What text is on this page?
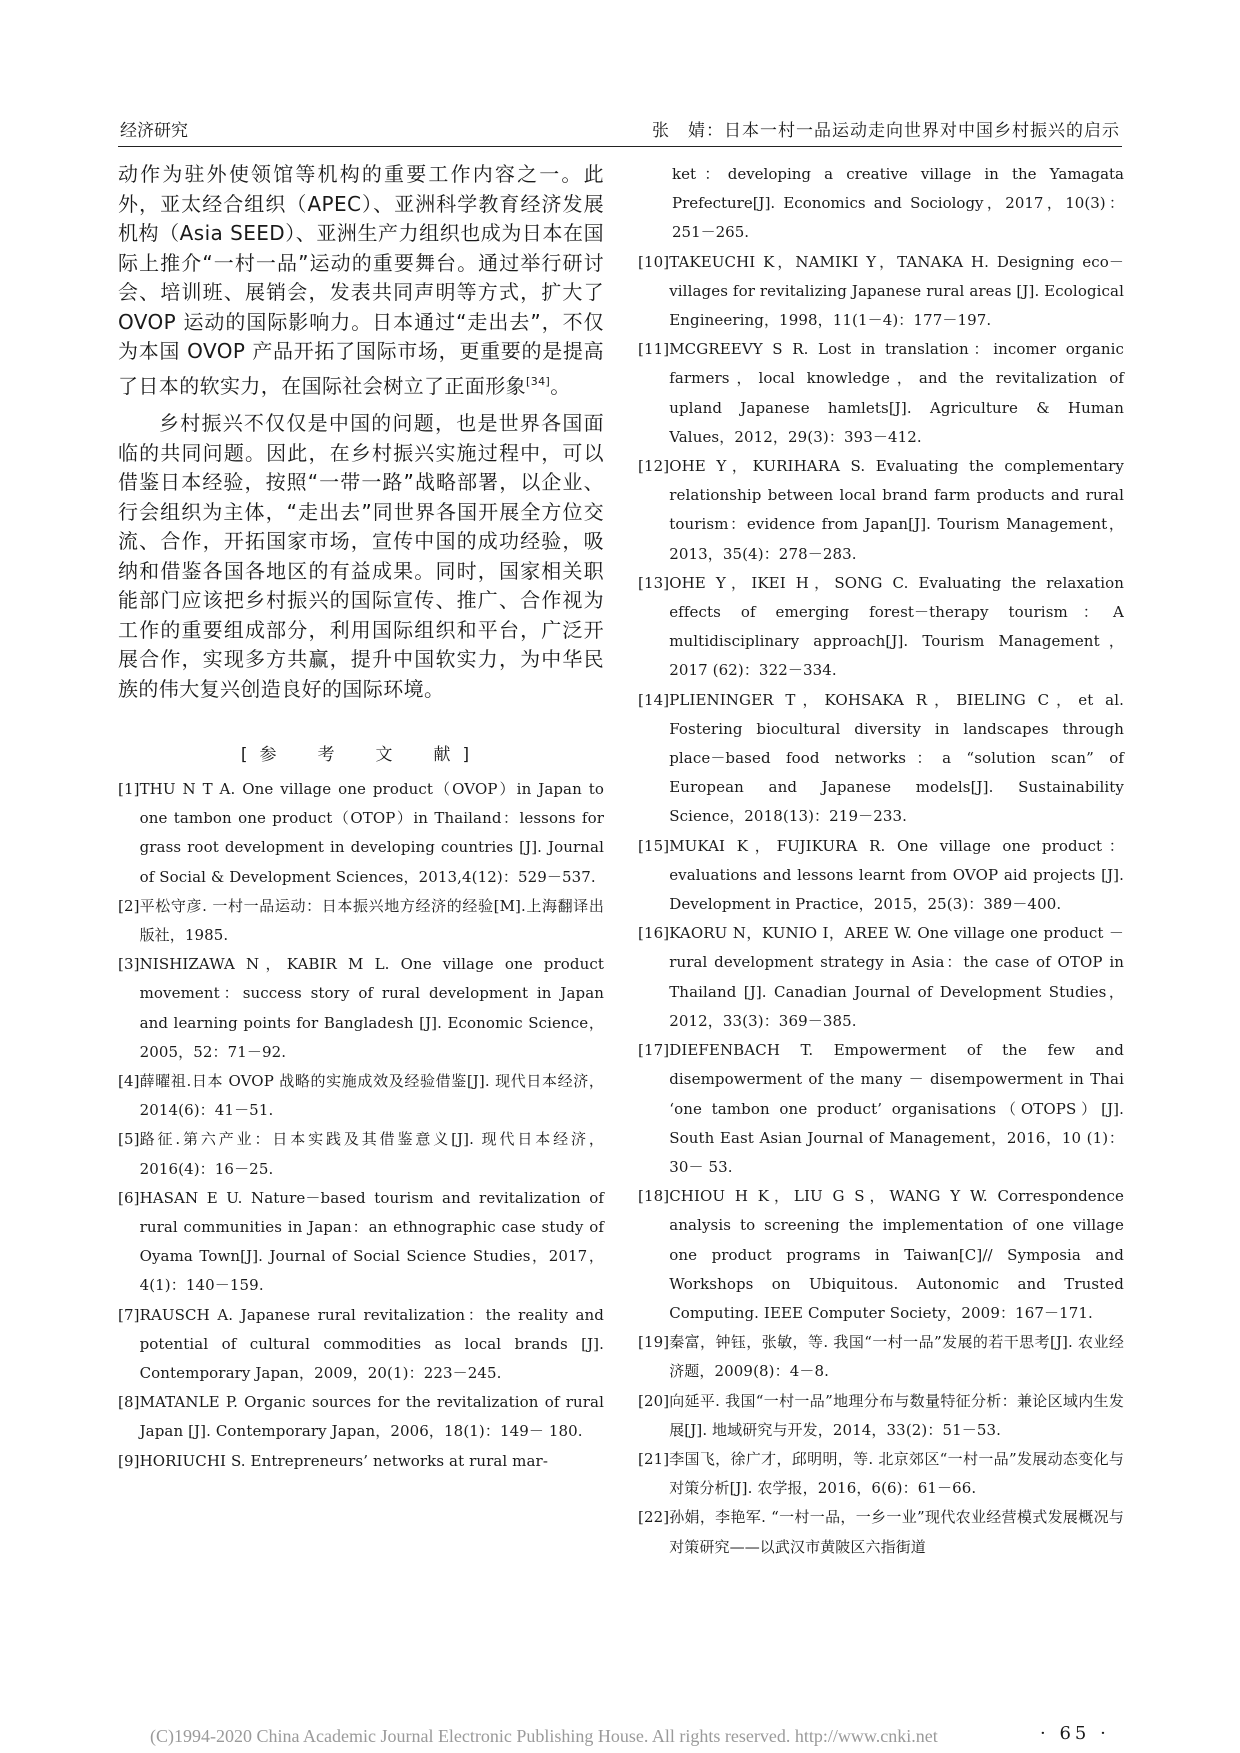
经济研究	张　婧：日本一村一品运动走向世界对中国乡村振兴的启示

动作为驻外使领馆等机构的重要工作内容之一。此外，亚太经合组织（APEC）、亚洲科学教育经济发展机构（Asia SEED）、亚洲生产力组织也成为日本在国际上推介“一村一品”运动的重要舞台。通过举行研讨会、培训班、展销会，发表共同声明等方式，扩大了 OVOP 运动的国际影响力。日本通过“走出去”，不仅为本国 OVOP 产品开拓了国际市场，更重要的是提高了日本的软实力，在国际社会树立了正面形象[34]。

乡村振兴不仅仅是中国的问题，也是世界各国面临的共同问题。因此，在乡村振兴实施过程中，可以借鉴日本经验，按照“一带一路”战略部署，以企业、行会组织为主体，“走出去”同世界各国开展全方位交流、合作，开拓国家市场，宣传中国的成功经验，吸纳和借鉴各国各地区的有益成果。同时，国家相关职能部门应该把乡村振兴的国际宣传、推广、合作视为工作的重要组成部分，利用国际组织和平台，广泛开展合作，实现多方共赢，提升中国软实力，为中华民族的伟大复兴创造良好的国际环境。

[参　考　文　献]
[1] THU N T A. One village one product（OVOP）in Japan to one tambon one product（OTOP）in Thailand：lessons for grass root development in developing countries [J]. Journal of Social & Development Sciences，2013,4(12)：529－537.
[2] 平松守彦. 一村一品运动：日本振兴地方经济的经验[M].上海翻译出版社，1985.
[3] NISHIZAWA N，KABIR M L. One village one product movement：success story of rural development in Japan and learning points for Bangladesh [J]. Economic Science，2005，52：71－92.
[4] 薛曜祖.日本 OVOP 战略的实施成效及经验借鉴[J]. 现代日本经济，2014(6)：41－51.
[5] 路征.第六产业：日本实践及其借鉴意义[J]. 现代日本经济，2016(4)：16－25.
[6] HASAN E U. Nature－based tourism and revitalization of rural communities in Japan：an ethnographic case study of Oyama Town[J]. Journal of Social Science Studies，2017，4(1)：140－159.
[7] RAUSCH A. Japanese rural revitalization：the reality and potential of cultural commodities as local brands [J]. Contemporary Japan，2009，20(1)：223－245.
[8] MATANLE P. Organic sources for the revitalization of rural Japan [J]. Contemporary Japan，2006，18(1)：149－ 180.
[9] HORIUCHI S. Entrepreneurs’ networks at rural mar-
ket：developing a creative village in the Yamagata Prefecture[J]. Economics and Sociology，2017，10(3)：251－265.
[10] TAKEUCHI K，NAMIKI Y，TANAKA H. Designing eco－ villages for revitalizing Japanese rural areas [J]. Ecological Engineering，1998，11(1－4)：177－197.
[11] MCGREEVY S R. Lost in translation：incomer organic farmers，local knowledge，and the revitalization of upland Japanese hamlets[J]. Agriculture & Human Values，2012，29(3)：393－412.
[12] OHE Y，KURIHARA S. Evaluating the complementary relationship between local brand farm products and rural tourism：evidence from Japan[J]. Tourism Management，2013，35(4)：278－283.
[13] OHE Y，IKEI H，SONG C. Evaluating the relaxation effects of emerging forest－therapy tourism：A multidisciplinary approach[J]. Tourism Management，2017 (62)：322－334.
[14] PLIENINGER T，KOHSAKA R，BIELING C，et al. Fostering biocultural diversity in landscapes through place－based food networks：a “solution scan” of European and Japanese models[J]. Sustainability Science，2018(13)：219－233.
[15] MUKAI K，FUJIKURA R. One village one product：evaluations and lessons learnt from OVOP aid projects [J]. Development in Practice，2015，25(3)：389－400.
[16] KAORU N，KUNIO I，AREE W. One village one product － rural development strategy in Asia：the case of OTOP in Thailand [J]. Canadian Journal of Development Studies，2012，33(3)：369－385.
[17] DIEFENBACH T. Empowerment of the few and disempowerment of the many － disempowerment in Thai ‘one tambon one product’ organisations（OTOPS）[J]. South East Asian Journal of Management，2016，10 (1)：30－ 53.
[18] CHIOU H K，LIU G S，WANG Y W. Correspondence analysis to screening the implementation of one village one product programs in Taiwan[C]// Symposia and Workshops on Ubiquitous. Autonomic and Trusted Computing. IEEE Computer Society，2009：167－171.
[19] 秦富，钟钰，张敏，等. 我国“一村一品”发展的若干思考[J]. 农业经济题，2009(8)：4－8.
[20] 向延平. 我国“一村一品”地理分布与数量特征分析：兼论区域内生发展[J]. 地域研究与开发，2014，33(2)：51－53.
[21] 李国飞，徐广才，邱明明，等. 北京郊区“一村一品”发展动态变化与对策分析[J]. 农学报，2016，6(6)：61－66.
[22] 孙娟，李艳军. “一村一品，一乡一业”现代农业经营模式发展概况与对策研究——以武汉市黄陂区六指街道
· 65 ·
(C)1994-2020 China Academic Journal Electronic Publishing House. All rights reserved. http://www.cnki.net
